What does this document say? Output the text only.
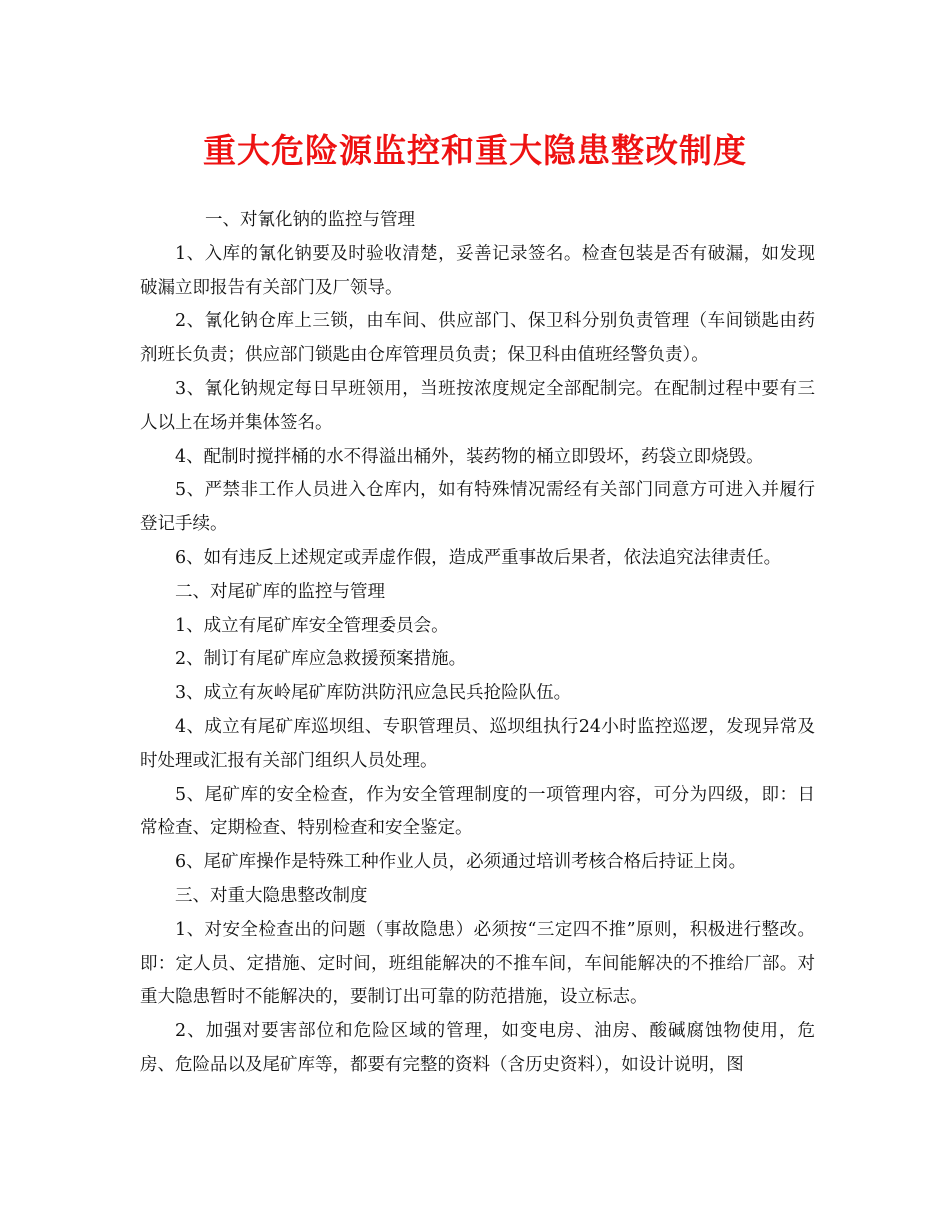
重大危险源监控和重大隐患整改制度

一、对氰化钠的监控与管理

1、入库的氰化钠要及时验收清楚，妥善记录签名。检查包装是否有破漏，如发现破漏立即报告有关部门及厂领导。

2、氰化钠仓库上三锁，由车间、供应部门、保卫科分别负责管理（车间锁匙由药剂班长负责；供应部门锁匙由仓库管理员负责；保卫科由值班经警负责）。

3、氰化钠规定每日早班领用，当班按浓度规定全部配制完。在配制过程中要有三人以上在场并集体签名。

4、配制时搅拌桶的水不得溢出桶外，装药物的桶立即毁坏，药袋立即烧毁。

5、严禁非工作人员进入仓库内，如有特殊情况需经有关部门同意方可进入并履行登记手续。

6、如有违反上述规定或弄虚作假，造成严重事故后果者，依法追究法律责任。

二、对尾矿库的监控与管理

1、成立有尾矿库安全管理委员会。

2、制订有尾矿库应急救援预案措施。

3、成立有灰岭尾矿库防洪防汛应急民兵抢险队伍。

4、成立有尾矿库巡坝组、专职管理员、巡坝组执行24小时监控巡逻，发现异常及时处理或汇报有关部门组织人员处理。

5、尾矿库的安全检查，作为安全管理制度的一项管理内容，可分为四级，即：日常检查、定期检查、特别检查和安全鉴定。

6、尾矿库操作是特殊工种作业人员，必须通过培训考核合格后持证上岗。

三、对重大隐患整改制度

1、对安全检查出的问题（事故隐患）必须按“三定四不推”原则，积极进行整改。即：定人员、定措施、定时间，班组能解决的不推车间，车间能解决的不推给厂部。对重大隐患暂时不能解决的，要制订出可靠的防范措施，设立标志。

2、加强对要害部位和危险区域的管理，如变电房、油房、酸碱腐蚀物使用，危房、危险品以及尾矿库等，都要有完整的资料（含历史资料），如设计说明，图
